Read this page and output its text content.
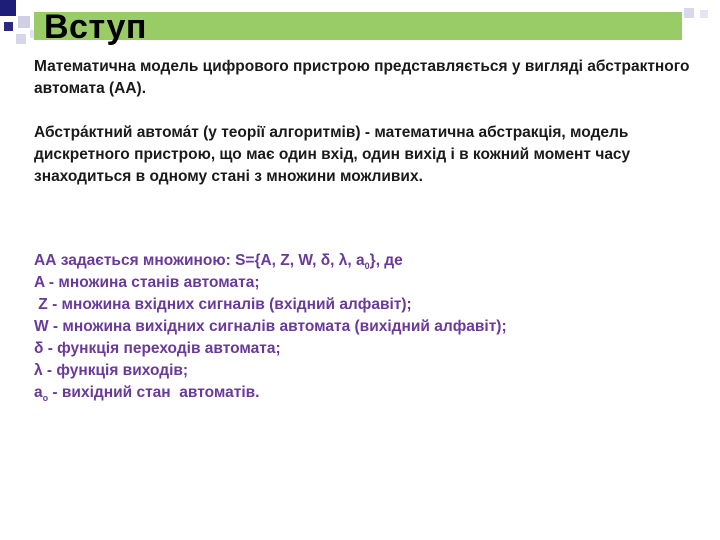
Вступ
Математична модель цифрового пристрою представляється у вигляді абстрактного автомата (АА).
Абстра́ктний автома́т (у теорії алгоритмів) - математична абстракція, модель дискретного пристрою, що має один вхід, один вихід і в кожний момент часу знаходиться в одному стані з множини можливих.
АА задається множиною: S={A, Z, W, δ, λ, $a_0$}, де
A - множина станів автомата;
Z - множина вхідних сигналів (вхідний алфавіт);
W - множина вихідних сигналів автомата (вихідний алфавіт);
δ - функція переходів автомата;
λ - функція виходів;
$a_o$ - вихідний стан  автоматів.
